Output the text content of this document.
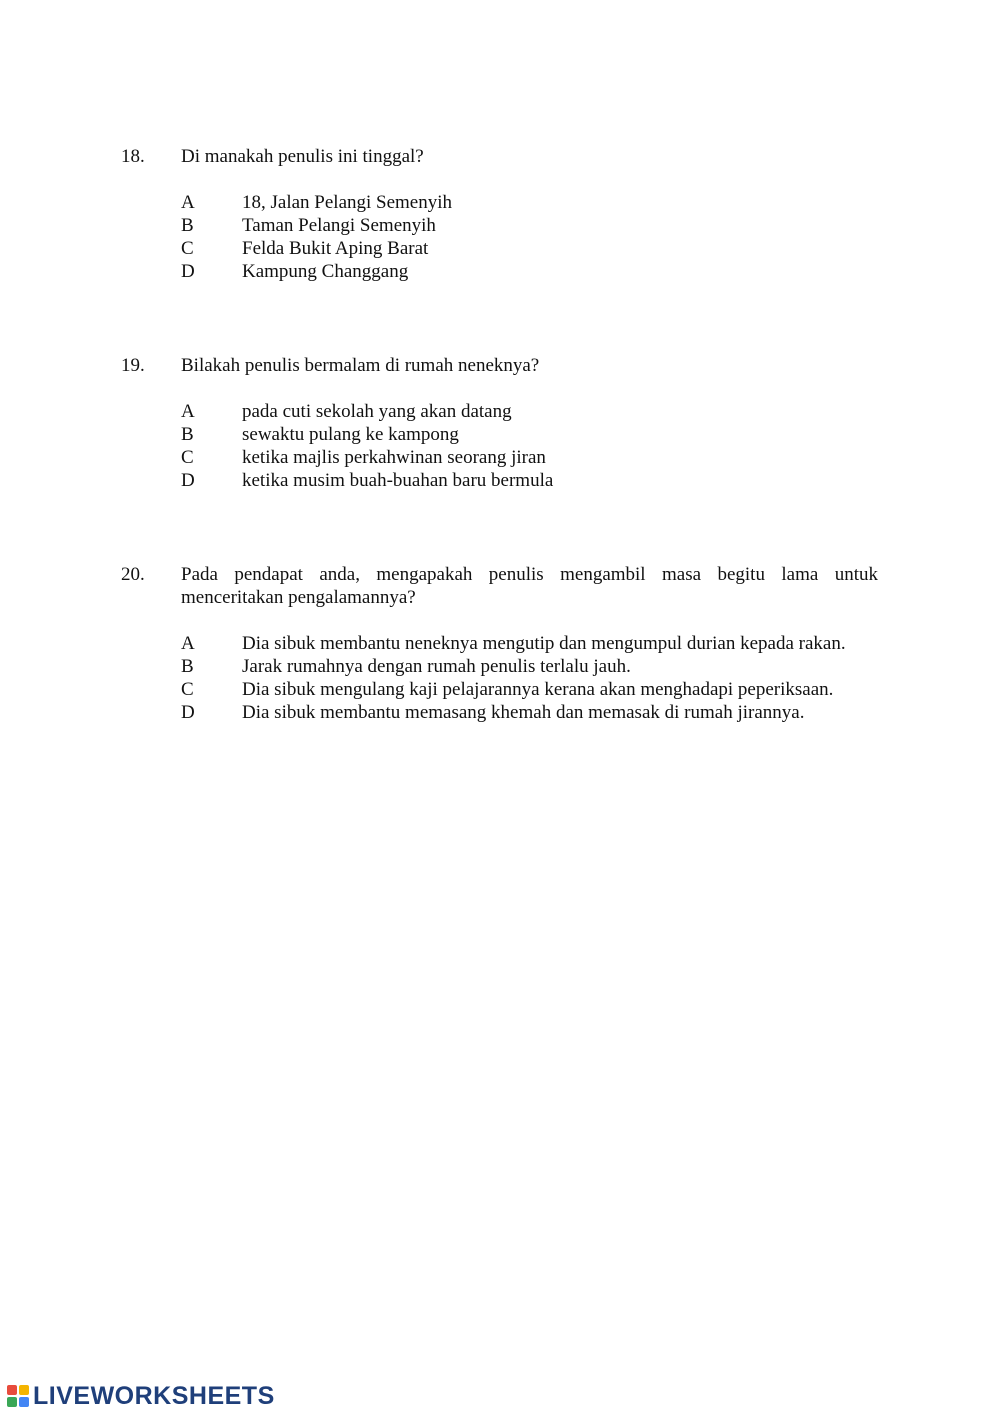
18. Di manakah penulis ini tinggal?
A 18, Jalan Pelangi Semenyih
B	Taman Pelangi Semenyih
C	Felda Bukit Aping Barat
D Kampung Changgang
19. Bilakah penulis bermalam di rumah neneknya?
A pada cuti sekolah yang akan datang
B	sewaktu pulang ke kampong
C	ketika majlis perkahwinan seorang jiran
D ketika musim buah-buahan baru bermula
20. Pada pendapat anda, mengapakah penulis mengambil masa begitu lama untuk
menceritakan pengalamannya?
A Dia sibuk membantu neneknya mengutip dan mengumpul durian kepada rakan.
B	Jarak rumahnya dengan rumah penulis terlalu jauh.
C	Dia sibuk mengulang kaji pelajarannya kerana akan menghadapi peperiksaan.
D Dia sibuk membantu memasang khemah dan memasak di rumah jirannya.
LIVEWORKSHEETS
